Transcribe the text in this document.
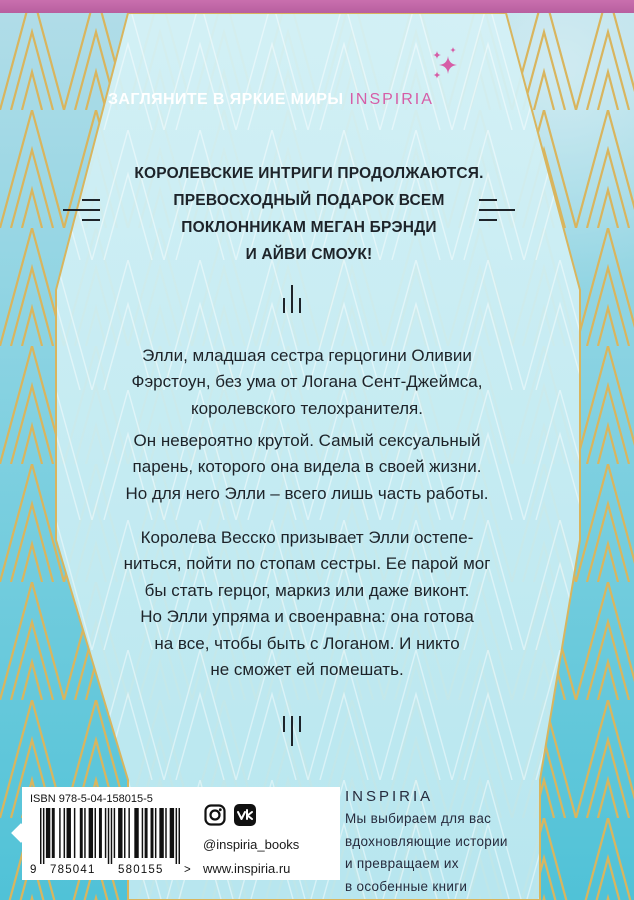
ЗАГЛЯНИТЕ В ЯРКИЕ МИРЫ INSPIRIA
КОРОЛЕВСКИЕ ИНТРИГИ ПРОДОЛЖАЮТСЯ.
ПРЕВОСХОДНЫЙ ПОДАРОК ВСЕМ
ПОКЛОННИКАМ МЕГАН БРЭНДИ
И АЙВИ СМОУК!
Элли, младшая сестра герцогини Оливии
Фэрстоун, без ума от Логана Сент-Джеймса,
королевского телохранителя.
Он невероятно крутой. Самый сексуальный
парень, которого она видела в своей жизни.
Но для него Элли – всего лишь часть работы.
Королева Весско призывает Элли остепе-
ниться, пойти по стопам сестры. Ее парой мог
бы стать герцог, маркиз или даже виконт.
Но Элли упряма и своенравна: она готова
на все, чтобы быть с Логаном. И никто
не сможет ей помешать.
ISBN 978-5-04-158015-5
9 785041 580155 >
@inspiria_books
www.inspiria.ru
INSPIRIA
Мы выбираем для вас
вдохновляющие истории
и превращаем их
в особенные книги
